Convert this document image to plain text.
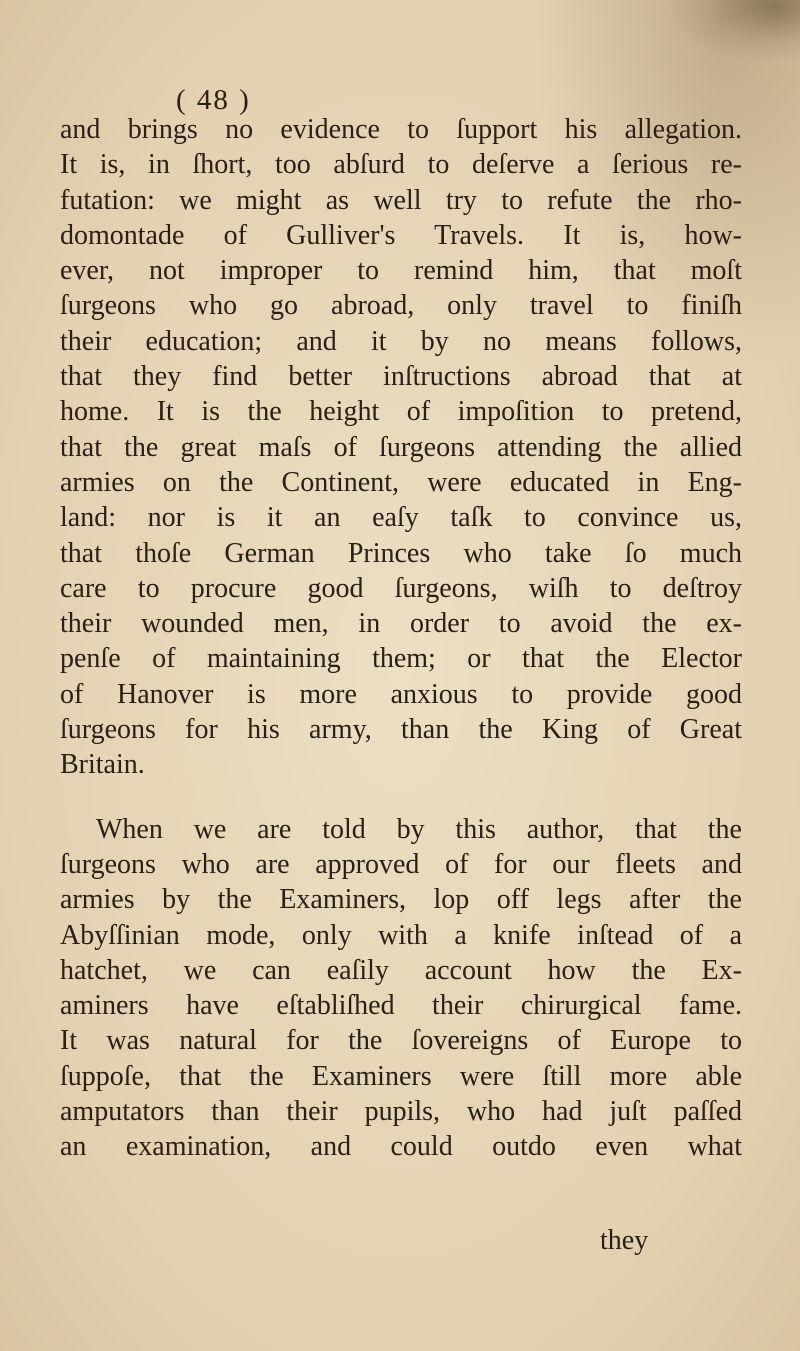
( 48 )
and brings no evidence to ſupport his allegation.
It is, in ſhort, too abſurd to deſerve a ſerious re-
futation: we might as well try to refute the rho-
domontade of Gulliver's Travels. It is, how-
ever, not improper to remind him, that moſt
ſurgeons who go abroad, only travel to finiſh
their education; and it by no means follows,
that they find better inſtructions abroad that at
home. It is the height of impoſition to pretend,
that the great maſs of ſurgeons attending the allied
armies on the Continent, were educated in Eng-
land: nor is it an eaſy taſk to convince us,
that thoſe German Princes who take ſo much
care to procure good ſurgeons, wiſh to deſtroy
their wounded men, in order to avoid the ex-
penſe of maintaining them; or that the Elector
of Hanover is more anxious to provide good
ſurgeons for his army, than the King of Great
Britain.
When we are told by this author, that the
ſurgeons who are approved of for our fleets and
armies by the Examiners, lop off legs after the
Abyſſinian mode, only with a knife inſtead of a
hatchet, we can eaſily account how the Ex-
aminers have eſtabliſhed their chirurgical fame.
It was natural for the ſovereigns of Europe to
ſuppoſe, that the Examiners were ſtill more able
amputators than their pupils, who had juſt paſſed
an examination, and could outdo even what
they
